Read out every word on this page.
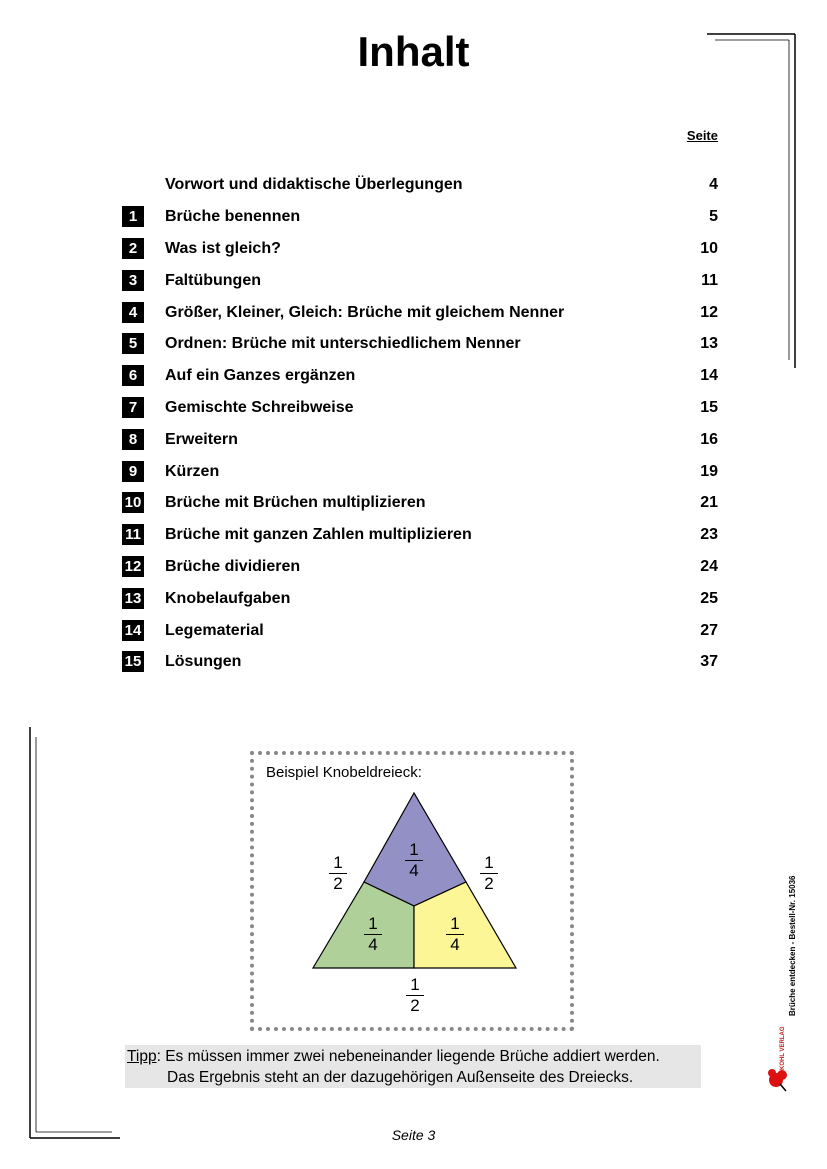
Inhalt
Seite
Vorwort und didaktische Überlegungen	4
1	Brüche benennen	5
2	Was ist gleich?	10
3	Faltübungen	11
4	Größer, Kleiner, Gleich: Brüche mit gleichem Nenner	12
5	Ordnen: Brüche mit unterschiedlichem Nenner	13
6	Auf ein Ganzes ergänzen	14
7	Gemischte Schreibweise	15
8	Erweitern	16
9	Kürzen	19
10 Brüche mit Brüchen multiplizieren	21
11 Brüche mit ganzen Zahlen multiplizieren	23
12 Brüche dividieren	24
13 Knobelaufgaben	25
14 Legematerial	27
15 Lösungen	37
Beispiel Knobeldreieck:
1
4
1
4
1
4
1
2
1
2
1
2
Tipp: Es müssen immer zwei nebeneinander liegende Brüche addiert werden.
Das Ergebnis steht an der dazugehörigen Außenseite des Dreiecks.
Brüche entdecken - Bestell-Nr. 15036
KOHL VERLAG
Seite 3
